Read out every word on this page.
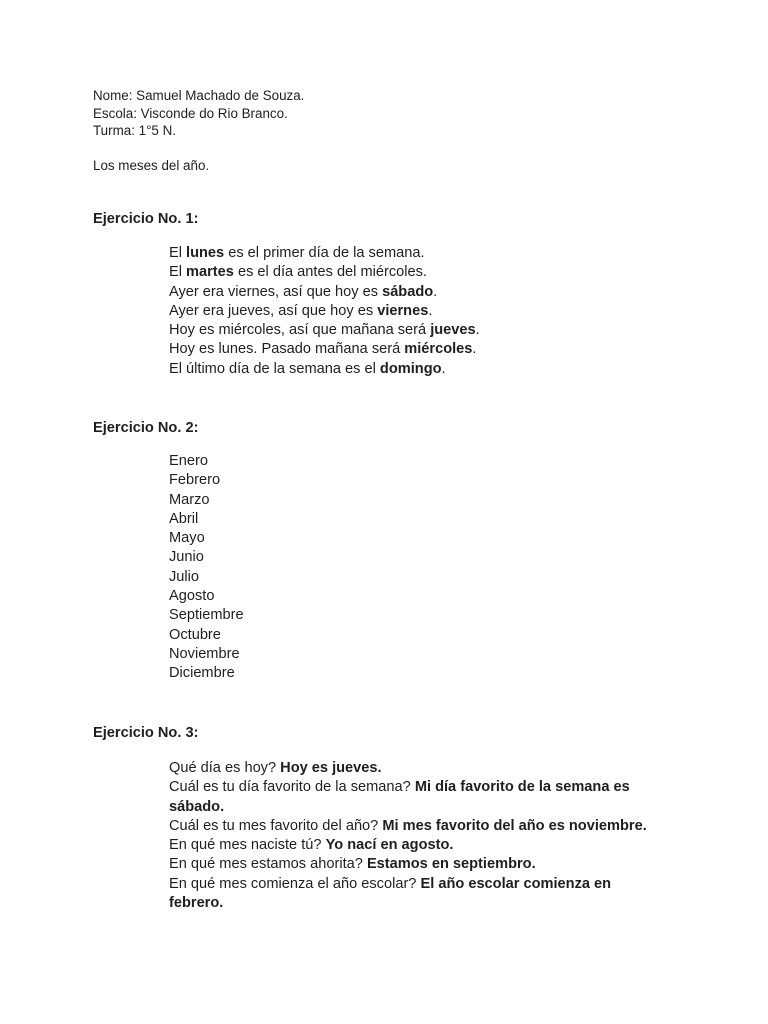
Nome: Samuel Machado de Souza.
Escola: Visconde do Rio Branco.
Turma: 1°5 N.
Los meses del año.
Ejercicio No. 1:
El lunes es el primer día de la semana.
El martes es el día antes del miércoles.
Ayer era viernes, así que hoy es sábado.
Ayer era jueves, así que hoy es viernes.
Hoy es miércoles, así que mañana será jueves.
Hoy es lunes. Pasado mañana será miércoles.
El último día de la semana es el domingo.
Ejercicio No. 2:
Enero
Febrero
Marzo
Abril
Mayo
Junio
Julio
Agosto
Septiembre
Octubre
Noviembre
Diciembre
Ejercicio No. 3:
Qué día es hoy? Hoy es jueves.
Cuál es tu día favorito de la semana? Mi día favorito de la semana es sábado.
Cuál es tu mes favorito del año? Mi mes favorito del año es noviembre.
En qué mes naciste tú? Yo nací en agosto.
En qué mes estamos ahorita? Estamos en septiembro.
En qué mes comienza el año escolar? El año escolar comienza en febrero.
